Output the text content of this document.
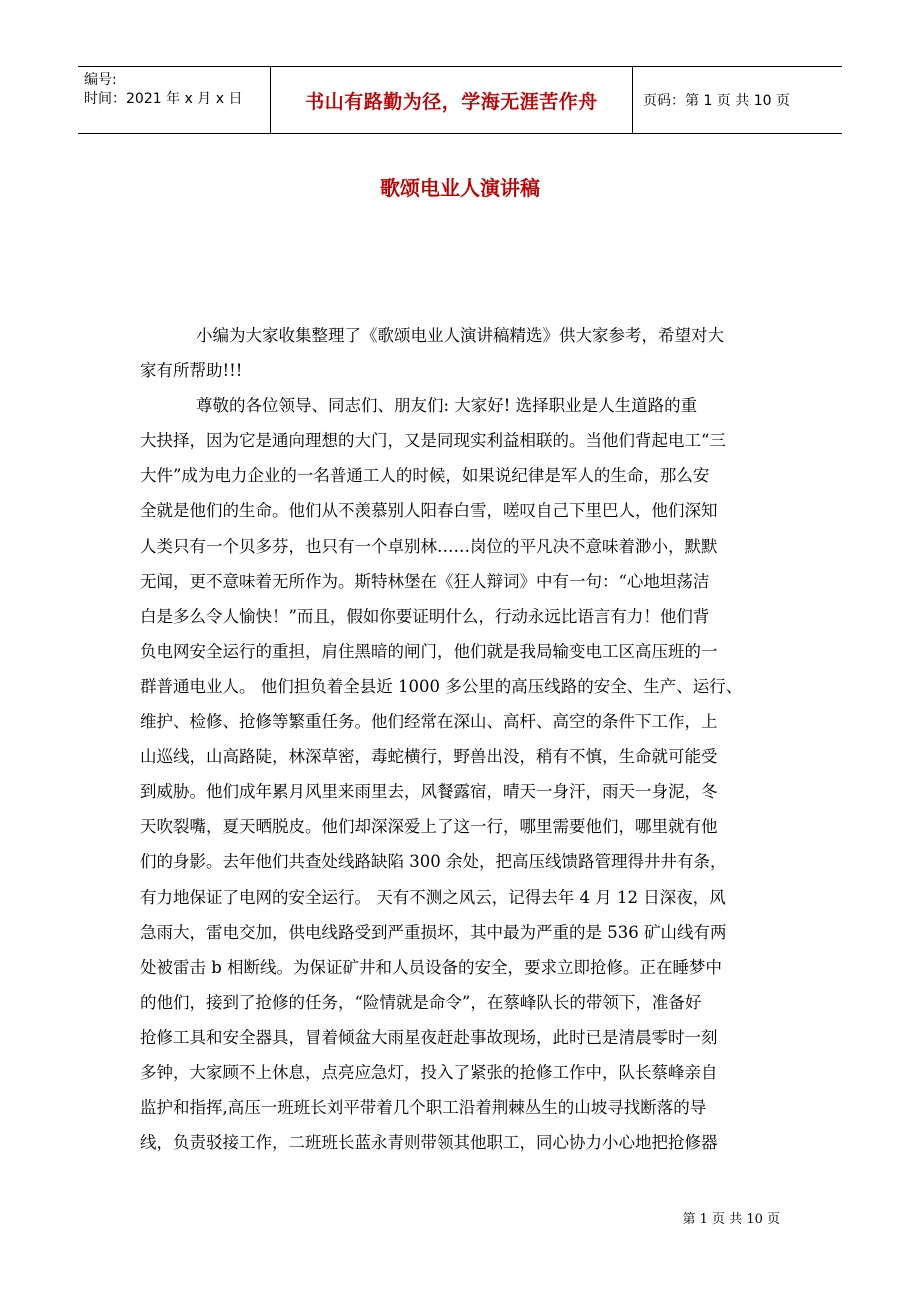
编号:
时间：2021 年 x 月 x 日	书山有路勤为径，学海无涯苦作舟	页码：第 1 页 共 10 页
歌颂电业人演讲稿
小编为大家收集整理了《歌颂电业人演讲稿精选》供大家参考，希望对大
家有所帮助!!!
尊敬的各位领导、同志们、朋友们: 大家好! 选择职业是人生道路的重
大抉择，因为它是通向理想的大门，又是同现实利益相联的。当他们背起电工“三
大件”成为电力企业的一名普通工人的时候，如果说纪律是军人的生命，那么安
全就是他们的生命。他们从不羡慕别人阳春白雪，嗟叹自己下里巴人，他们深知
人类只有一个贝多芬，也只有一个卓别林……岗位的平凡决不意味着渺小，默默
无闻，更不意味着无所作为。斯特林堡在《狂人辩词》中有一句：“心地坦荡洁
白是多么令人愉快！”而且，假如你要证明什么，行动永远比语言有力！他们背
负电网安全运行的重担，肩住黑暗的闸门，他们就是我局输变电工区高压班的一
群普通电业人。 他们担负着全县近 1000 多公里的高压线路的安全、生产、运行、
维护、检修、抢修等繁重任务。他们经常在深山、高杆、高空的条件下工作，上
山巡线，山高路陡，林深草密，毒蛇横行，野兽出没，稍有不慎，生命就可能受
到威胁。他们成年累月风里来雨里去，风餐露宿，晴天一身汗，雨天一身泥，冬
天吹裂嘴，夏天晒脱皮。他们却深深爱上了这一行，哪里需要他们，哪里就有他
们的身影。去年他们共查处线路缺陷 300 余处，把高压线馈路管理得井井有条，
有力地保证了电网的安全运行。 天有不测之风云，记得去年 4 月 12 日深夜，风
急雨大，雷电交加，供电线路受到严重损坏，其中最为严重的是 536 矿山线有两
处被雷击 b 相断线。为保证矿井和人员设备的安全，要求立即抢修。正在睡梦中
的他们，接到了抢修的任务，“险情就是命令”，在蔡峰队长的带领下，准备好
抢修工具和安全器具，冒着倾盆大雨星夜赶赴事故现场，此时已是清晨零时一刻
多钟，大家顾不上休息，点亮应急灯，投入了紧张的抢修工作中，队长蔡峰亲自
监护和指挥,高压一班班长刘平带着几个职工沿着荆棘丛生的山坡寻找断落的导
线，负责驳接工作，二班班长蓝永青则带领其他职工，同心协力小心地把抢修器
第 1 页 共 10 页
